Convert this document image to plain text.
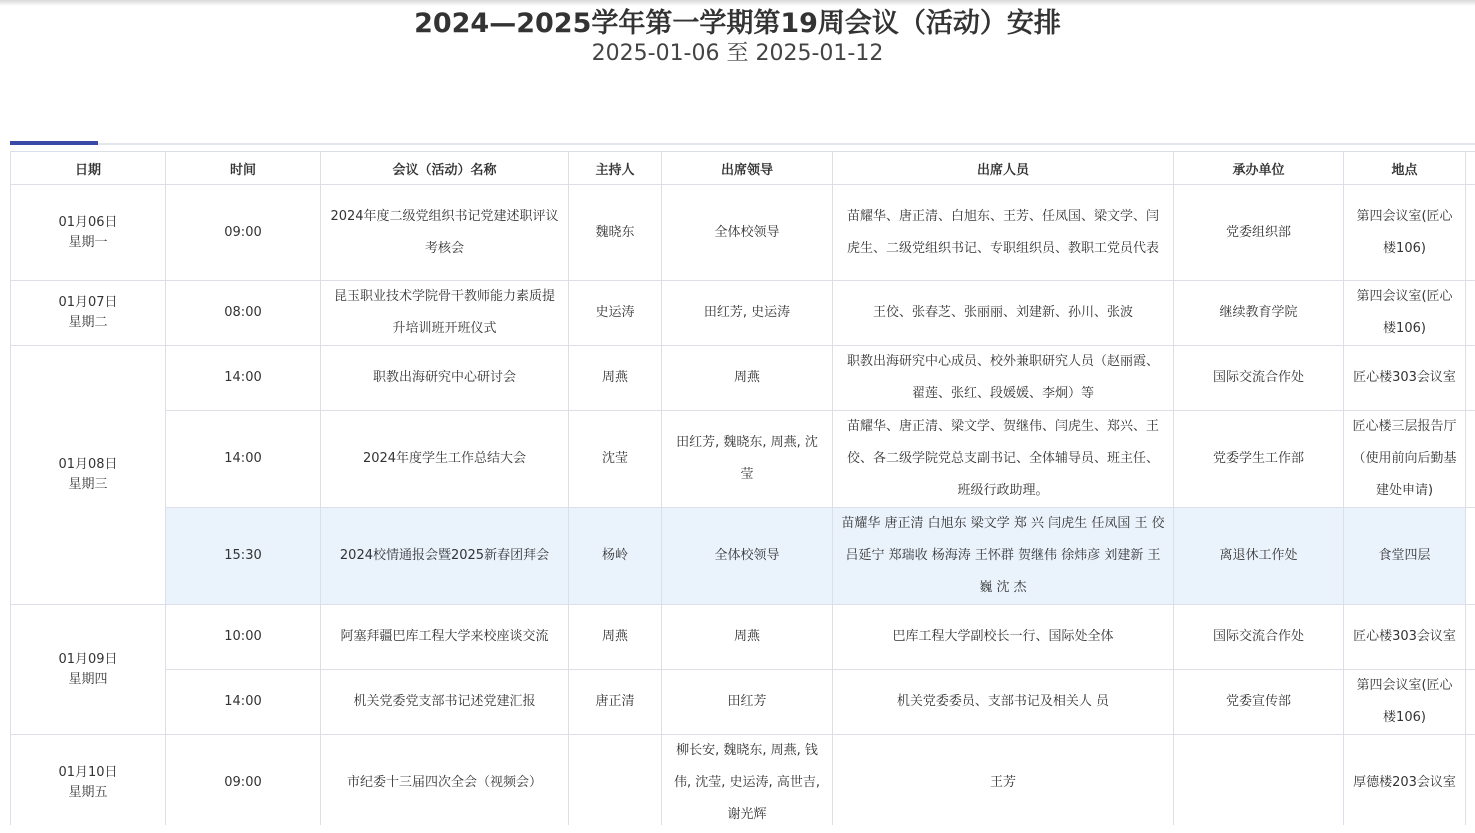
2024—2025学年第一学期第19周会议（活动）安排
2025-01-06 至 2025-01-12
日期	时间	会议（活动）名称	主持人	出席领导	出席人员	承办单位	地点	

01月06日
星期一	09:00	2024年度二级党组织书记党建述职评议考核会	魏晓东	全体校领导	苗耀华、唐正清、白旭东、王芳、任凤国、梁文学、闫虎生、二级党组织书记、专职组织员、教职工党员代表	党委组织部	第四会议室(匠心楼106)	

01月07日
星期二	08:00	昆玉职业技术学院骨干教师能力素质提升培训班开班仪式	史运涛	田红芳, 史运涛	王佼、张春芝、张丽丽、刘建新、孙川、张波	继续教育学院	第四会议室(匠心楼106)	

01月08日
星期三	14:00	职教出海研究中心研讨会	周燕	周燕	职教出海研究中心成员、校外兼职研究人员（赵丽霞、翟莲、张红、段媛媛、李炯）等	国际交流合作处	匠心楼303会议室	
	14:00	2024年度学生工作总结大会	沈莹	田红芳, 魏晓东, 周燕, 沈莹	苗耀华、唐正清、梁文学、贺继伟、闫虎生、郑兴、王佼、各二级学院党总支副书记、全体辅导员、班主任、班级行政助理。	党委学生工作部	匠心楼三层报告厅（使用前向后勤基建处申请)	
	15:30	2024校情通报会暨2025新春团拜会	杨岭	全体校领导	苗耀华 唐正清 白旭东 梁文学 郑 兴 闫虎生 任凤国 王 佼 吕延宁 郑瑞收 杨海涛 王怀群 贺继伟 徐炜彦 刘建新 王 巍 沈 杰	离退休工作处	食堂四层	

01月09日
星期四	10:00	阿塞拜疆巴库工程大学来校座谈交流	周燕	周燕	巴库工程大学副校长一行、国际处全体	国际交流合作处	匠心楼303会议室	
	14:00	机关党委党支部书记述党建汇报	唐正清	田红芳	机关党委委员、支部书记及相关人 员	党委宣传部	第四会议室(匠心楼106)	

01月10日
星期五	09:00	市纪委十三届四次全会（视频会）		柳长安, 魏晓东, 周燕, 钱伟, 沈莹, 史运涛, 高世吉, 谢光辉	王芳		厚德楼203会议室	
